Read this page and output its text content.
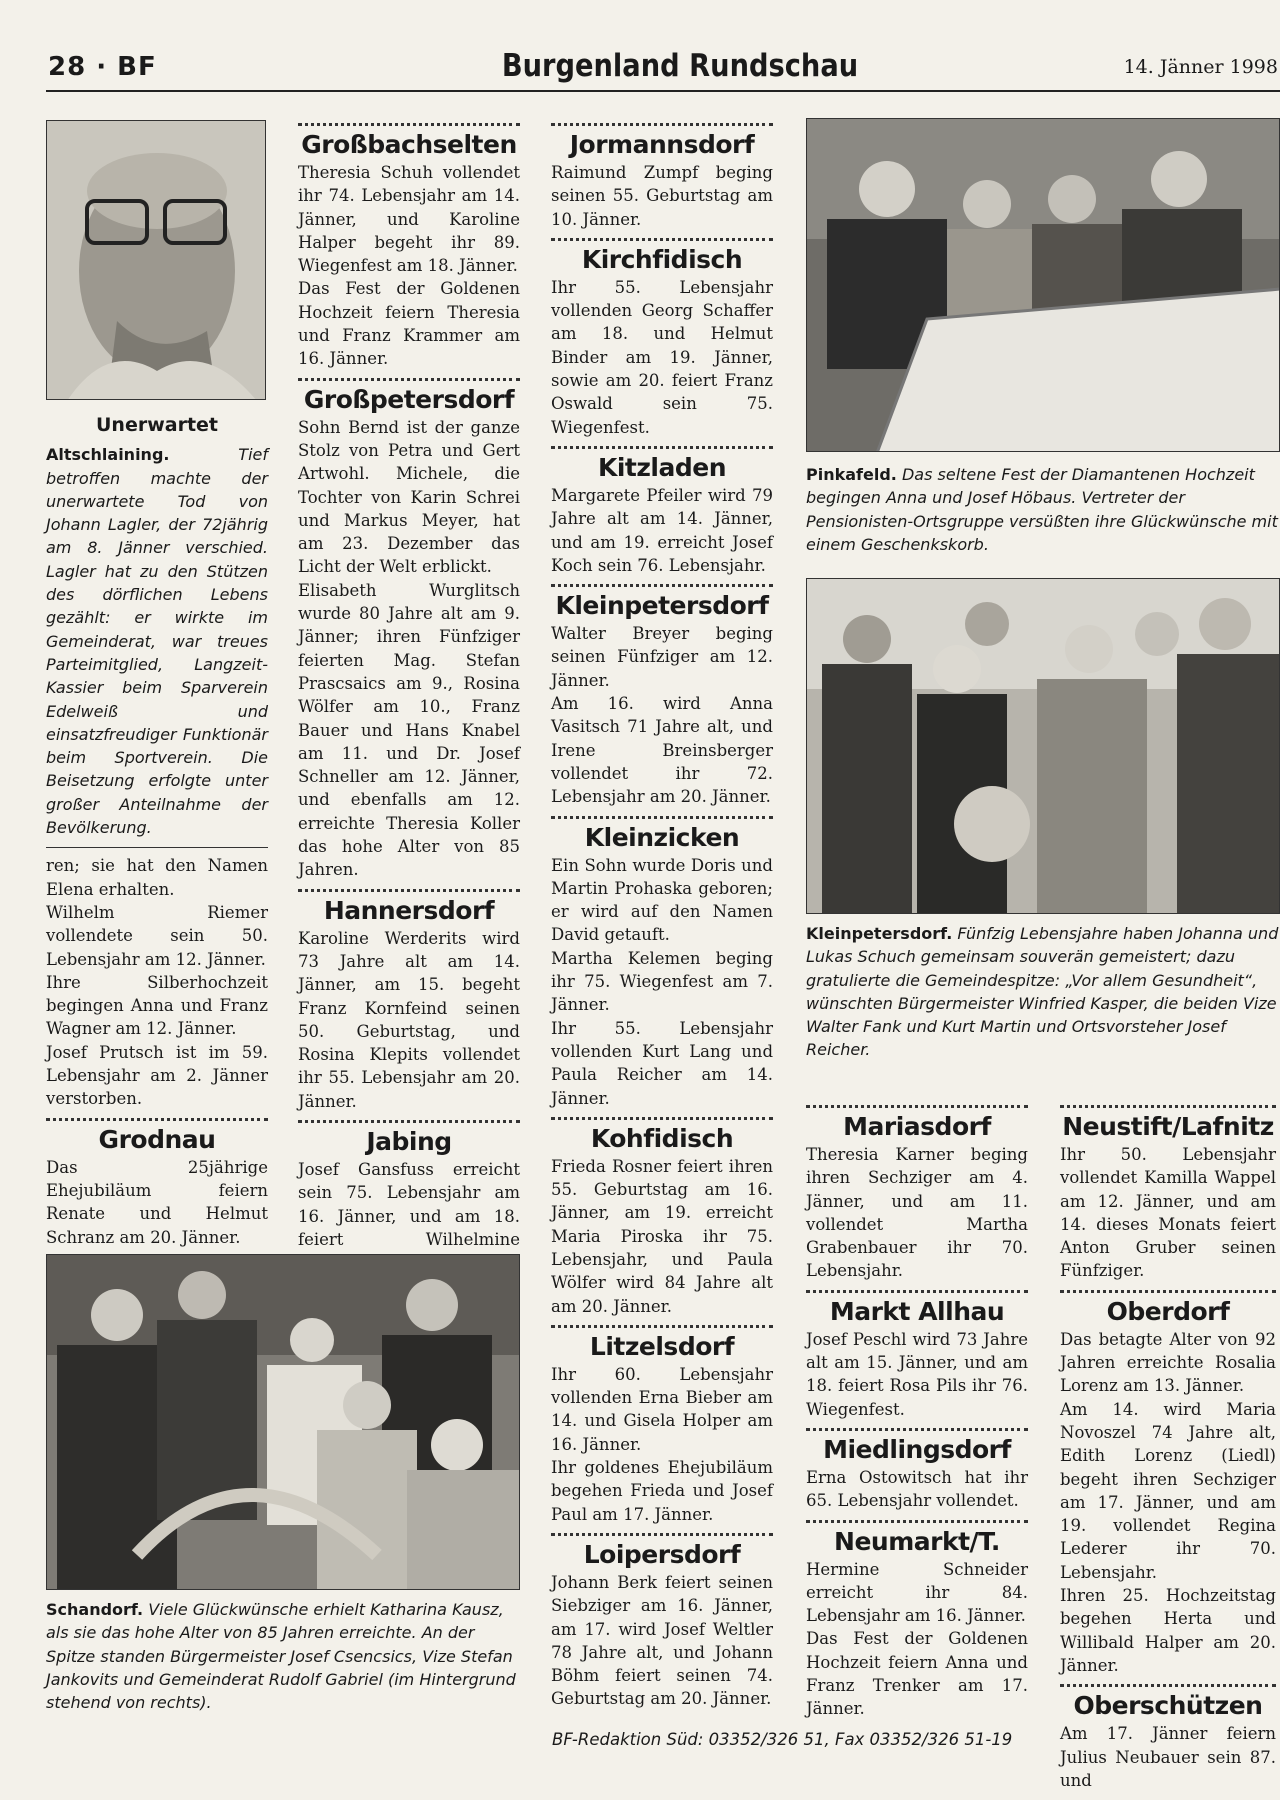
28 · BF	Burgenland Rundschau	14. Jänner 1998
Unerwartet
Altschlaining.	Tief betroffen machte der unerwartete Tod von Johann Lagler, der 72jährig am 8. Jänner verschied. Lagler hat zu den Stützen des dörflichen Lebens gezählt: er wirkte im Gemeinderat, war treues Parteimitglied, Langzeit-Kassier beim Sparverein Edelweiß und einsatzfreudiger Funktionär beim Sportverein. Die Beisetzung erfolgte unter großer Anteilnahme der Bevölkerung.

ren; sie hat den Namen Elena erhalten.

Wilhelm Riemer vollendete sein 50. Lebensjahr am 12. Jänner.

Ihre Silberhochzeit begingen Anna und Franz Wagner am 12. Jänner.

Josef Prutsch ist im 59. Lebensjahr am 2. Jänner verstorben.

Grodnau

Das 25jährige Ehejubiläum feiern Renate und Helmut Schranz am 20. Jänner.

Großbachselten

Theresia Schuh vollendet ihr 74. Lebensjahr am 14. Jänner, und Karoline Halper begeht ihr 89. Wiegenfest am 18. Jänner.

Das Fest der Goldenen Hochzeit feiern Theresia und Franz Krammer am 16. Jänner.

Großpetersdorf

Sohn Bernd ist der ganze Stolz von Petra und Gert Artwohl. Michele, die Tochter von Karin Schrei und Markus Meyer, hat am 23. Dezember das Licht der Welt erblickt.

Elisabeth Wurglitsch wurde 80 Jahre alt am 9. Jänner; ihren Fünfziger feierten Mag. Stefan Prascsaics am 9., Rosina Wölfer am 10., Franz Bauer und Hans Knabel am 11. und Dr. Josef Schneller am 12. Jänner, und ebenfalls am 12. erreichte Theresia Koller das hohe Alter von 85 Jahren.

Hannersdorf

Karoline Werderits wird 73 Jahre alt am 14. Jänner, am 15. begeht Franz Kornfeind seinen 50. Geburtstag, und Rosina Klepits vollendet ihr 55. Lebensjahr am 20. Jänner.

Jabing

Josef Gansfuss erreicht sein 75. Lebensjahr am 16. Jänner, und am 18. feiert Wilhelmine

Jormannsdorf

Raimund Zumpf beging seinen 55. Geburtstag am 10. Jänner.

Kirchfidisch

Ihr 55. Lebensjahr vollenden Georg Schaffer am 18. und Helmut Binder am 19. Jänner, sowie am 20. feiert Franz Oswald sein 75. Wiegenfest.

Kitzladen

Margarete Pfeiler wird 79 Jahre alt am 14. Jänner, und am 19. erreicht Josef Koch sein 76. Lebensjahr.

Kleinpetersdorf

Walter Breyer beging seinen Fünfziger am 12. Jänner.

Am 16. wird Anna Vasitsch 71 Jahre alt, und Irene Breinsberger vollendet ihr 72. Lebensjahr am 20. Jänner.

Kleinzicken

Ein Sohn wurde Doris und Martin Prohaska geboren; er wird auf den Namen David getauft.

Martha Kelemen beging ihr 75. Wiegenfest am 7. Jänner.

Ihr 55. Lebensjahr vollenden Kurt Lang und Paula Reicher am 14. Jänner.

Kohfidisch

Frieda Rosner feiert ihren 55. Geburtstag am 16. Jänner, am 19. erreicht Maria Piroska ihr 75. Lebensjahr, und Paula Wölfer wird 84 Jahre alt am 20. Jänner.

Litzelsdorf

Ihr 60. Lebensjahr vollenden Erna Bieber am 14. und Gisela Holper am 16. Jänner.

Ihr goldenes Ehejubiläum begehen Frieda und Josef Paul am 17. Jänner.

Loipersdorf

Johann Berk feiert seinen Siebziger am 16. Jänner, am 17. wird Josef Weltler 78 Jahre alt, und Johann Böhm feiert seinen 74. Geburtstag am 20. Jänner.

Pinkafeld. Das seltene Fest der Diamantenen Hochzeit begingen Anna und Josef Höbaus. Vertreter der Pensionisten-Ortsgruppe versüßten ihre Glückwünsche mit einem Geschenkskorb.
Kleinpetersdorf. Fünfzig Lebensjahre haben Johanna und Lukas Schuch gemeinsam souverän gemeistert; dazu gratulierte die Gemeindespitze: „Vor allem Gesundheit“, wünschten Bürgermeister Winfried Kasper, die beiden Vize Walter Fank und Kurt Martin und Ortsvorsteher Josef Reicher.
Schandorf. Viele Glückwünsche erhielt Katharina Kausz, als sie das hohe Alter von 85 Jahren erreichte. An der Spitze standen Bürgermeister Josef Csencsics, Vize Stefan Jankovits und Gemeinderat Rudolf Gabriel (im Hintergrund stehend von rechts).
Mariasdorf

Theresia Karner beging ihren Sechziger am 4. Jänner, und am 11. vollendet Martha Grabenbauer ihr 70. Lebensjahr.

Markt Allhau

Josef Peschl wird 73 Jahre alt am 15. Jänner, und am 18. feiert Rosa Pils ihr 76. Wiegenfest.

Miedlingsdorf

Erna Ostowitsch hat ihr 65. Lebensjahr vollendet.

Neumarkt/T.

Hermine Schneider erreicht ihr 84. Lebensjahr am 16. Jänner.

Das Fest der Goldenen Hochzeit feiern Anna und Franz Trenker am 17. Jänner.

Neustift/Lafnitz

Ihr 50. Lebensjahr vollendet Kamilla Wappel am 12. Jänner, und am 14. dieses Monats feiert Anton Gruber seinen Fünfziger.

Oberdorf

Das betagte Alter von 92 Jahren erreichte Rosalia Lorenz am 13. Jänner.

Am 14. wird Maria Novoszel 74 Jahre alt, Edith Lorenz (Liedl) begeht ihren Sechziger am 17. Jänner, und am 19. vollendet Regina Lederer ihr 70. Lebensjahr.

Ihren 25. Hochzeitstag begehen Herta und Willibald Halper am 20. Jänner.

Oberschützen

Am 17. Jänner feiern Julius Neubauer sein 87. und

BF-Redaktion Süd: 03352/326 51, Fax 03352/326 51-19
